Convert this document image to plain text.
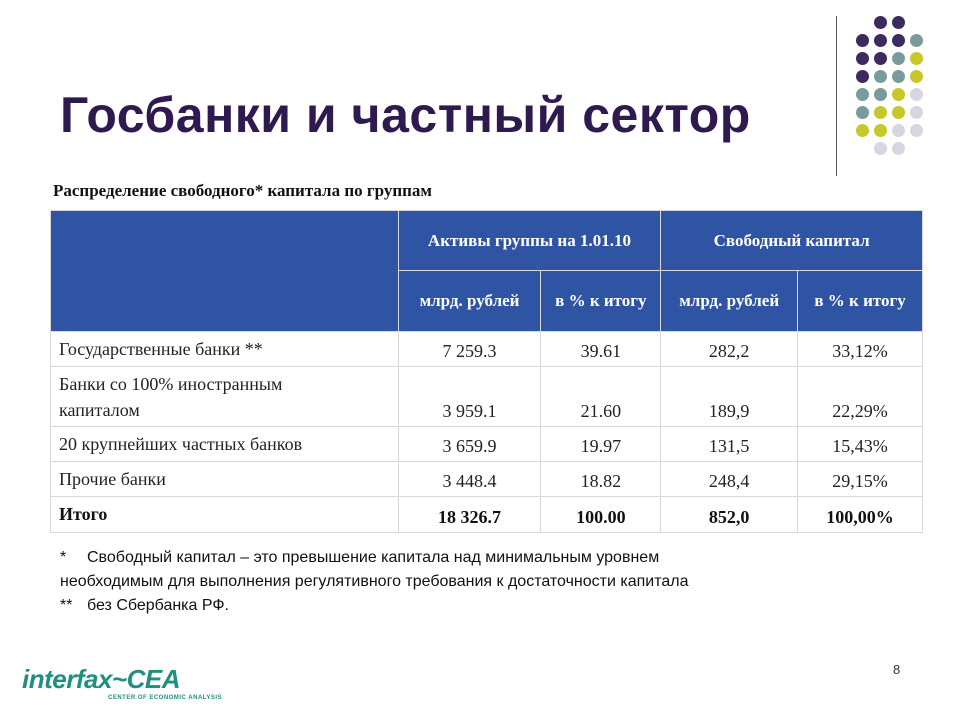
Госбанки и частный сектор
Распределение свободного* капитала по группам
	Активы группы на 1.01.10		Свободный капитал	
	млрд. рублей	в % к итогу	млрд. рублей	в % к итогу
Государственные банки **	7 259.3	39.61	282,2	33,12%
Банки со 100% иностранным капиталом	3 959.1	21.60	189,9	22,29%
20 крупнейших частных банков	3 659.9	19.97	131,5	15,43%
Прочие банки	3 448.4	18.82	248,4	29,15%
Итого	18 326.7	100.00	852,0	100,00%
* Свободный капитал – это превышение капитала над минимальным уровнем
необходимым для выполнения регулятивного требования к достаточности капитала
** без Сбербанка РФ.
8
interfax~CEA
CENTER OF ECONOMIC ANALYSIS
